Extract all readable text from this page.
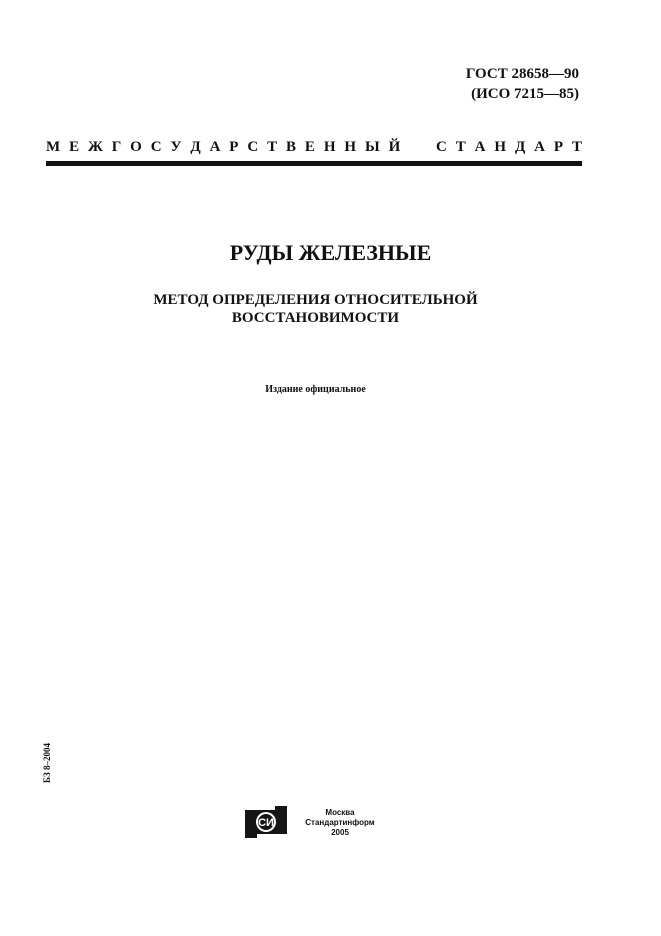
ГОСТ 28658—90
(ИСО 7215—85)
М Е Ж Г О С У Д А Р С Т В Е Н Н Ы Й С Т А Н Д А Р Т
РУДЫ ЖЕЛЕЗНЫЕ
МЕТОД ОПРЕДЕЛЕНИЯ ОТНОСИТЕЛЬНОЙ
ВОССТАНОВИМОСТИ
Издание официальное
БЗ 8–2004
СИ
Москва
Стандартинформ
2005
